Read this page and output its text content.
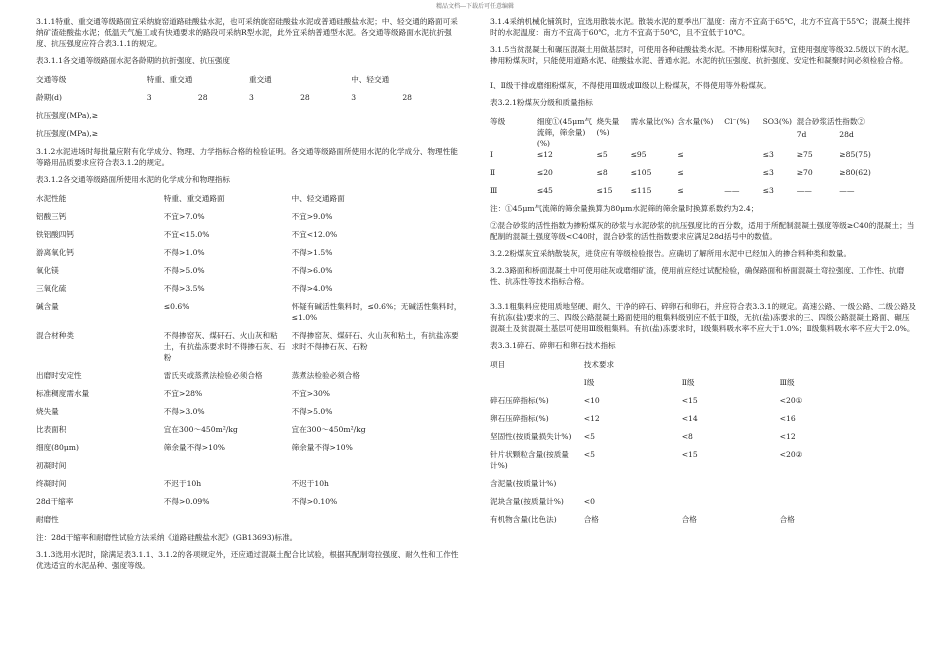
精品文档---下载后可任意编辑

3.1.1特重、重交通等级路面宜采纳旋窑道路硅酸盐水泥，也可采纳旋窑硅酸盐水泥或普通硅酸盐水泥；中、轻交通的路面可采纳矿渣硅酸盐水泥；低温天气施工或有快通要求的路段可采纳R型水泥，此外宜采纳普通型水泥。各交通等级路面水泥抗折强度、抗压强度应符合表3.1.1的规定。

表3.1.1各交通等级路面水泥各龄期的抗折强度、抗压强度

交通等级	特重、重交通		重交通		中、轻交通	
龄期(d)	3	28	3	28	3	28
抗压强度(MPa),≥						
抗压强度(MPa),≥						

3.1.2水泥进场时每批量应附有化学成分、物理、力学指标合格的检验证明。各交通等级路面所使用水泥的化学成分、物理性能等路用品质要求应符合表3.1.2的规定。

表3.1.2各交通等级路面所使用水泥的化学成分和物理指标

水泥性能	特重、重交通路面	中、轻交通路面
铝酸三钙	不宜>7.0%	不宜>9.0%
铁铝酸四钙	不宜<15.0%	不宜<12.0%
游离氧化钙	不得>1.0%	不得>1.5%
氧化镁	不得>5.0%	不得>6.0%
三氧化硫	不得>3.5%	不得>4.0%
碱含量	≤0.6%	怀疑有碱活性集料时，≤0.6%；无碱活性集料时，≤1.0%
混合材种类	不得掺窑灰、煤矸石、火山灰和粘土，有抗盐冻要求时不得掺石灰、石粉	不得掺窑灰、煤矸石、火山灰和粘土，有抗盐冻要求时不得掺石灰、石粉
出磨时安定性	雷氏夹或蒸煮法检验必须合格	蒸煮法检验必须合格
标准稠度需水量	不宜>28%	不宜>30%
烧失量	不得>3.0%	不得>5.0%
比表面积	宜在300～450m²/kg	宜在300～450m²/kg
细度(80μm)	筛余量不得>10%	筛余量不得>10%
初凝时间		
终凝时间	不迟于10h	不迟于10h
28d干缩率	不得>0.09%	不得>0.10%
耐磨性		

注：28d干缩率和耐磨性试验方法采纳《道路硅酸盐水泥》(GB13693)标准。

3.1.3选用水泥时，除满足表3.1.1、3.1.2的各项规定外，还应通过混凝土配合比试验，根据其配制弯拉强度、耐久性和工作性优选适宜的水泥品种、强度等级。

3.1.4采纳机械化铺筑时，宜选用散装水泥。散装水泥的夏季出厂温度：南方不宜高于65℃，北方不宜高于55℃；混凝土搅拌时的水泥温度：南方不宜高于60℃，北方不宜高于50℃，且不宜低于10℃。

3.1.5当贫混凝土和碾压混凝土用做基层时，可使用各种硅酸盐类水泥。不掺用粉煤灰时，宜使用强度等级32.5级以下的水泥。掺用粉煤灰时，只能使用道路水泥、硅酸盐水泥、普通水泥。水泥的抗压强度、抗折强度、安定性和凝聚时间必须检验合格。

Ⅰ、Ⅱ级干排或磨细粉煤灰，不得使用Ⅲ级或Ⅲ级以上粉煤灰，不得使用等外粉煤灰。

表3.2.1粉煤灰分级和质量指标

等级	细度①(45μm气流筛，筛余量)(%)	烧失量(%)	需水量比(%)	含水量(%)	Cl⁻(%)	SO3(%)	混合砂浆活性指数②	
							7d	28d
Ⅰ	≤12	≤5	≤95	≤		≤3	≥75	≥85(75)
Ⅱ	≤20	≤8	≤105	≤		≤3	≥70	≥80(62)
Ⅲ	≤45	≤15	≤115	≤	——	≤3	——	——

注：①45μm气流筛的筛余量换算为80μm水泥筛的筛余量时换算系数约为2.4；

②混合砂浆的活性指数为掺粉煤灰的砂浆与水泥砂浆的抗压强度比的百分数，适用于所配制混凝土强度等级≥C40的混凝土；当配制的混凝土强度等级<C40时，混合砂浆的活性指数要求应满足28d括号中的数值。

3.2.2粉煤灰宜采纳散装灰，进货应有等级检验报告。应确切了解所用水泥中已经加入的掺合料种类和数量。

3.2.3路面和桥面混凝土中可使用硅灰或磨细矿渣，使用前应经过试配检验，确保路面和桥面混凝土弯拉强度、工作性、抗磨性、抗冻性等技术指标合格。

3.3.1粗集料应使用质地坚硬、耐久、干净的碎石、碎卵石和卵石，并应符合表3.3.1的规定。高速公路、一级公路、二级公路及有抗冻(盐)要求的三、四级公路混凝土路面使用的粗集料级别应不低于Ⅱ级，无抗(盐)冻要求的三、四级公路混凝土路面、碾压混凝土及贫混凝土基层可使用Ⅲ级粗集料。有抗(盐)冻要求时，Ⅰ级集料吸水率不应大于1.0%；Ⅱ级集料吸水率不应大于2.0%。

表3.3.1碎石、碎卵石和卵石技术指标

项目	技术要求		
	Ⅰ级	Ⅱ级	Ⅲ级
碎石压碎指标(%)	<10	<15	<20①
卵石压碎指标(%)	<12	<14	<16
坚固性(按质量损失计%)	<5	<8	<12
针片状颗粒含量(按质量计%)	<5	<15	<20②
含泥量(按质量计%)			
泥块含量(按质量计%)	<0		
有机物含量(比色法)	合格	合格	合格
